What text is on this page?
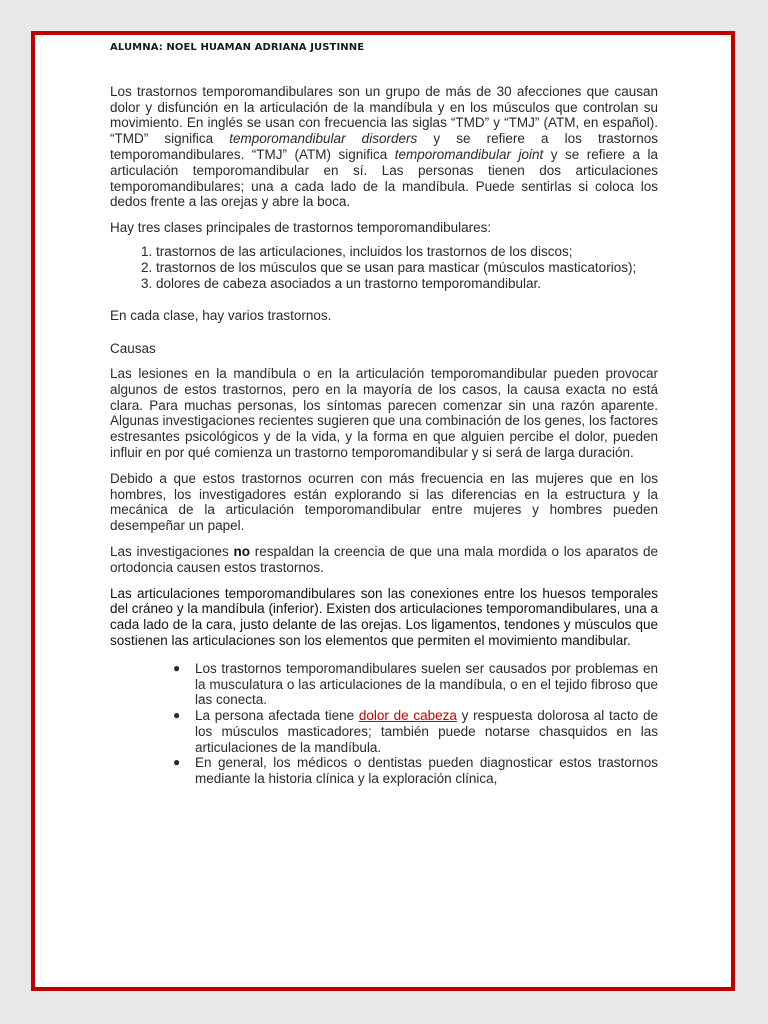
ALUMNA: NOEL HUAMAN ADRIANA JUSTINNE

Los trastornos temporomandibulares son un grupo de más de 30 afecciones que causan dolor y disfunción en la articulación de la mandíbula y en los músculos que controlan su movimiento. En inglés se usan con frecuencia las siglas “TMD” y “TMJ” (ATM, en español). “TMD” significa temporomandibular disorders y se refiere a los trastornos temporomandibulares. “TMJ” (ATM) significa temporomandibular joint y se refiere a la articulación temporomandibular en sí. Las personas tienen dos articulaciones temporomandibulares; una a cada lado de la mandíbula. Puede sentirlas si coloca los dedos frente a las orejas y abre la boca.

Hay tres clases principales de trastornos temporomandibulares:

1. trastornos de las articulaciones, incluidos los trastornos de los discos;
2. trastornos de los músculos que se usan para masticar (músculos masticatorios);
3. dolores de cabeza asociados a un trastorno temporomandibular.

En cada clase, hay varios trastornos.

Causas

Las lesiones en la mandíbula o en la articulación temporomandibular pueden provocar algunos de estos trastornos, pero en la mayoría de los casos, la causa exacta no está clara. Para muchas personas, los síntomas parecen comenzar sin una razón aparente. Algunas investigaciones recientes sugieren que una combinación de los genes, los factores estresantes psicológicos y de la vida, y la forma en que alguien percibe el dolor, pueden influir en por qué comienza un trastorno temporomandibular y si será de larga duración.

Debido a que estos trastornos ocurren con más frecuencia en las mujeres que en los hombres, los investigadores están explorando si las diferencias en la estructura y la mecánica de la articulación temporomandibular entre mujeres y hombres pueden desempeñar un papel.

Las investigaciones no respaldan la creencia de que una mala mordida o los aparatos de ortodoncia causen estos trastornos.

Las articulaciones temporomandibulares son las conexiones entre los huesos temporales del cráneo y la mandíbula (inferior). Existen dos articulaciones temporomandibulares, una a cada lado de la cara, justo delante de las orejas. Los ligamentos, tendones y músculos que sostienen las articulaciones son los elementos que permiten el movimiento mandibular.

● Los trastornos temporomandibulares suelen ser causados por problemas en la musculatura o las articulaciones de la mandíbula, o en el tejido fibroso que las conecta.
● La persona afectada tiene dolor de cabeza y respuesta dolorosa al tacto de los músculos masticadores; también puede notarse chasquidos en las articulaciones de la mandíbula.
● En general, los médicos o dentistas pueden diagnosticar estos trastornos mediante la historia clínica y la exploración clínica,
